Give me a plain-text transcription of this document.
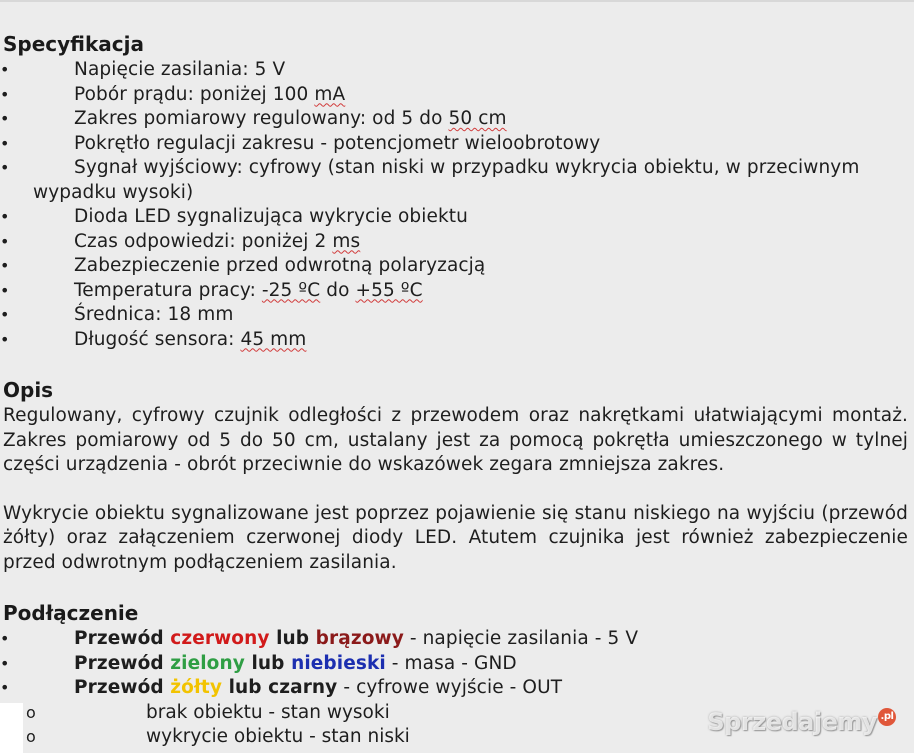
Specyfikacja
•	Napięcie zasilania: 5 V
•	Pobór prądu: poniżej 100 mA
•	Zakres pomiarowy regulowany: od 5 do 50 cm
•	Pokrętło regulacji zakresu - potencjometr wieloobrotowy
•	Sygnał wyjściowy: cyfrowy (stan niski w przypadku wykrycia obiektu, w przeciwnym wypadku wysoki)
•	Dioda LED sygnalizująca wykrycie obiektu
•	Czas odpowiedzi: poniżej 2 ms
•	Zabezpieczenie przed odwrotną polaryzacją
•	Temperatura pracy: -25 ºC do +55 ºC
•	Średnica: 18 mm
•	Długość sensora: 45 mm
Opis

Regulowany, cyfrowy czujnik odległości z przewodem oraz nakrętkami ułatwiającymi montaż. Zakres pomiarowy od 5 do 50 cm, ustalany jest za pomocą pokrętła umieszczonego w tylnej części urządzenia - obrót przeciwnie do wskazówek zegara zmniejsza zakres.

Wykrycie obiektu sygnalizowane jest poprzez pojawienie się stanu niskiego na wyjściu (przewód żółty) oraz załączeniem czerwonej diody LED. Atutem czujnika jest również zabezpieczenie przed odwrotnym podłączeniem zasilania.

Podłączenie
•	Przewód czerwony lub brązowy - napięcie zasilania - 5 V
•	Przewód zielony lub niebieski - masa - GND
•	Przewód żółty lub czarny - cyfrowe wyjście - OUT
o	brak obiektu - stan wysoki
o	wykrycie obiektu - stan niski
Sprzedajemy .pl
